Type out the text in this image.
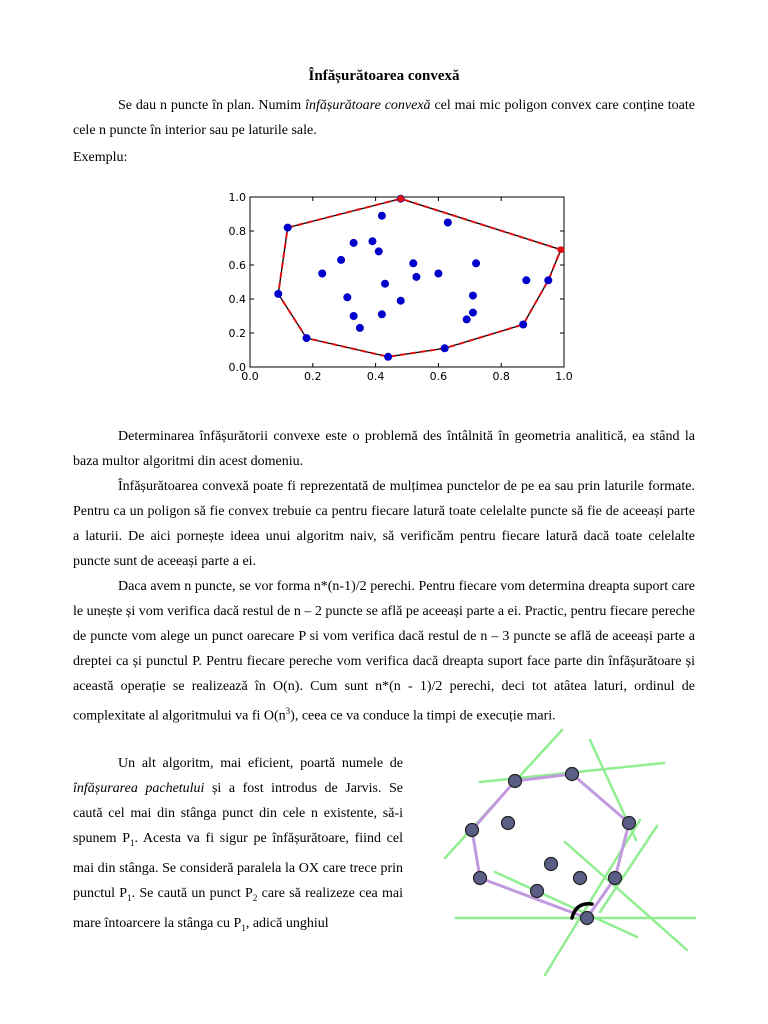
Înfășurătoarea convexă

Se dau n puncte în plan. Numim înfășurătoare convexă cel mai mic poligon convex care conține toate cele n puncte în interior sau pe laturile sale.

Exemplu:

0.0	0.2	0.4	0.6	0.8	1.0
0.0
0.2
0.4
0.6
0.8
1.0

Determinarea înfășurătorii convexe este o problemă des întâlnită în geometria analitică, ea stând la baza multor algoritmi din acest domeniu.

Înfășurătoarea convexă poate fi reprezentată de mulțimea punctelor de pe ea sau prin laturile formate. Pentru ca un poligon să fie convex trebuie ca pentru fiecare latură toate celelalte puncte să fie de aceeași parte a laturii. De aici pornește ideea unui algoritm naiv, să verificăm pentru fiecare latură dacă toate celelalte puncte sunt de aceeași parte a ei.

Daca avem n puncte, se vor forma n*(n-1)/2 perechi. Pentru fiecare vom determina dreapta suport care le unește și vom verifica dacă restul de n – 2 puncte se află pe aceeași parte a ei. Practic, pentru fiecare pereche de puncte vom alege un punct oarecare P si vom verifica dacă restul de n – 3 puncte se află de aceeași parte a dreptei ca și punctul P. Pentru fiecare pereche vom verifica dacă dreapta suport face parte din înfășurătoare și această operație se realizează în O(n). Cum sunt n*(n - 1)/2 perechi, deci tot atâtea laturi, ordinul de complexitate al algoritmului va fi $O(n^3)$, ceea ce va conduce la timpi de execuție mari.

Un alt algoritm, mai eficient, poartă numele de înfășurarea pachetului și a fost introdus de Jarvis. Se caută cel mai din stânga punct din cele n existente, să-i spunem $P_1$. Acesta va fi sigur pe înfășurătoare, fiind cel mai din stânga. Se consideră paralela la OX care trece prin punctul $P_1$. Se caută un punct $P_2$ care să realizeze cea mai mare întoarcere la stânga cu $P_1$, adică unghiul
